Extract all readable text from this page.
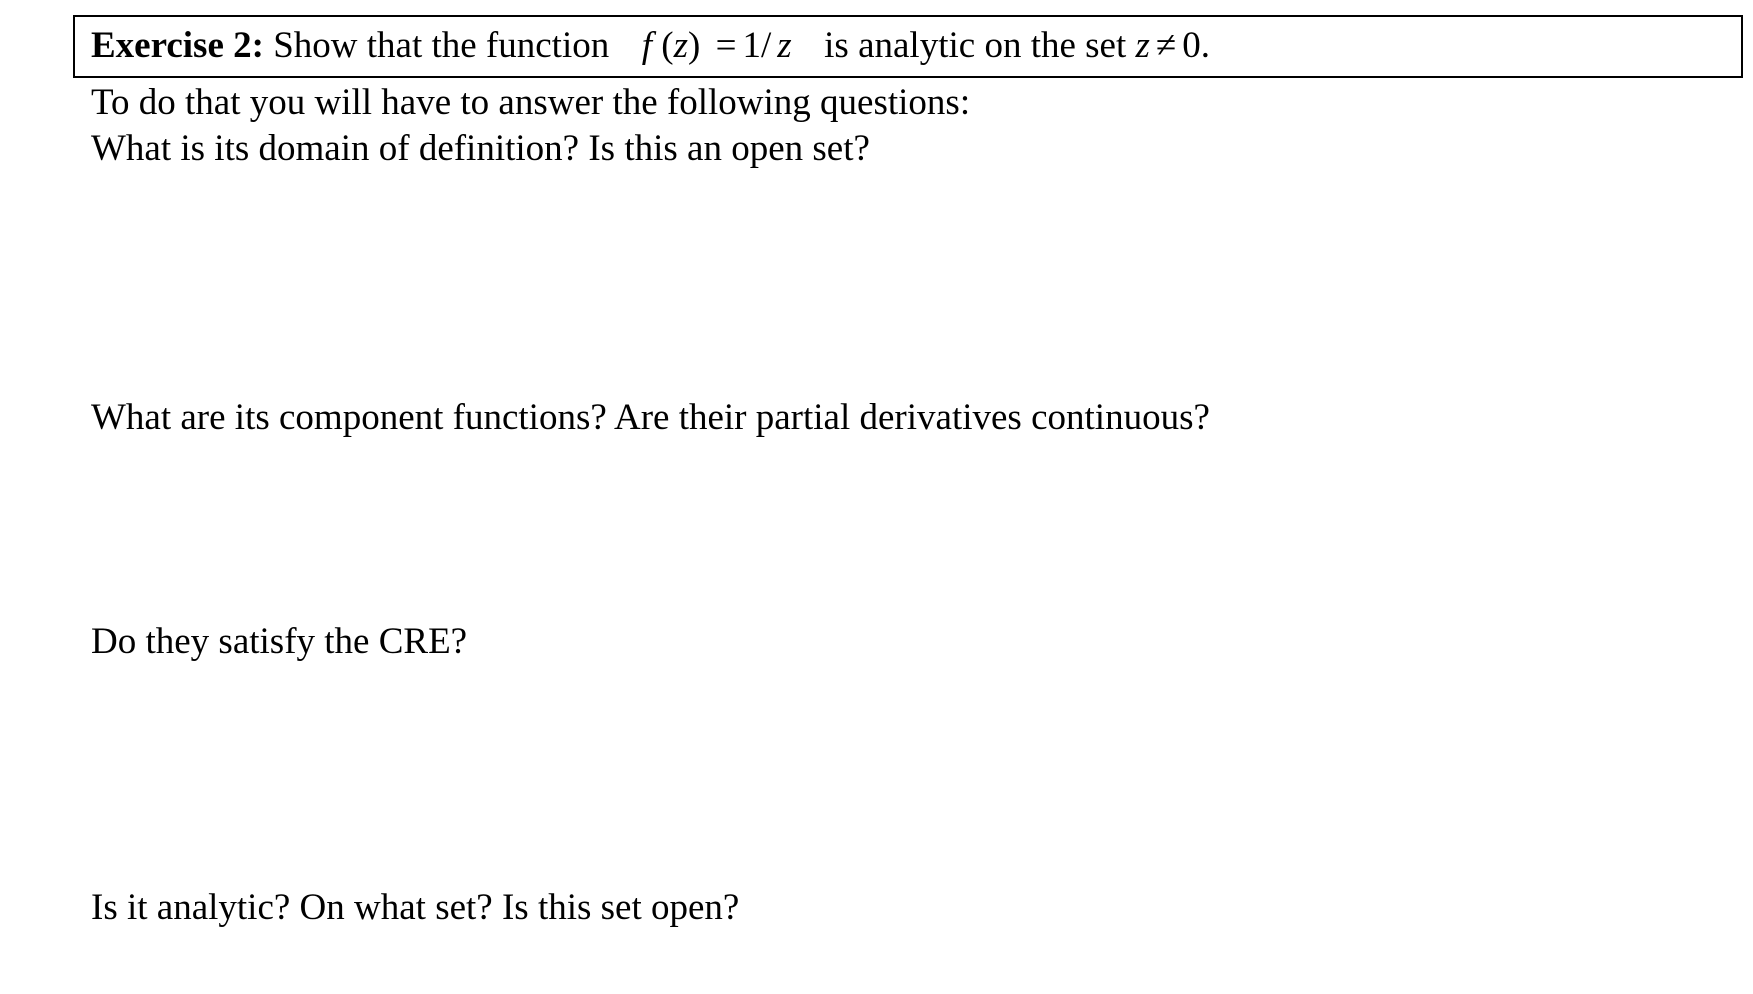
Exercise 2: Show that the function f (z) = 1/ z is analytic on the set z ≠ 0.
To do that you will have to answer the following questions:
What is its domain of definition? Is this an open set?
What are its component functions? Are their partial derivatives continuous?
Do they satisfy the CRE?
Is it analytic? On what set? Is this set open?
